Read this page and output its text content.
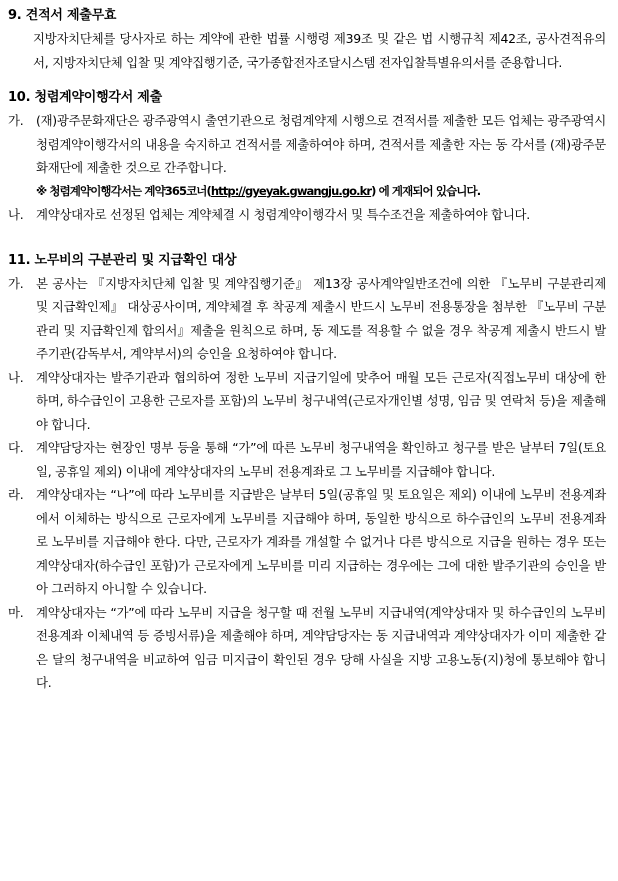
9. 견적서 제출무효

지방자치단체를 당사자로 하는 계약에 관한 법률 시행령 제39조 및 같은 법 시행규칙 제42조, 공사견적유의서, 지방자치단체 입찰 및 계약집행기준, 국가종합전자조달시스템 전자입찰특별유의서를 준용합니다.

10. 청렴계약이행각서 제출
가.	(재)광주문화재단은 광주광역시 출연기관으로 청렴계약제 시행으로 견적서를 제출한 모든 업체는 광주광역시 청렴계약이행각서의 내용을 숙지하고 견적서를 제출하여야 하며, 견적서를 제출한 자는 동 각서를 (재)광주문화재단에 제출한 것으로 간주합니다.

※ 청렴계약이행각서는 계약365코너(http://gyeyak.gwangju.go.kr) 에 게재되어 있습니다.

나.	계약상대자로 선정된 업체는 계약체결 시 청렴계약이행각서 및 특수조건을 제출하여야 합니다.

11. 노무비의 구분관리 및 지급확인 대상
가.	본 공사는 『지방자치단체 입찰 및 계약집행기준』 제13장 공사계약일반조건에 의한 『노무비 구분관리제 및 지급확인제』 대상공사이며, 계약체결 후 착공계 제출시 반드시 노무비 전용통장을 첨부한 『노무비 구분관리 및 지급확인제 합의서』제출을 원칙으로 하며, 동 제도를 적용할 수 없을 경우 착공계 제출시 반드시 발주기관(감독부서, 계약부서)의 승인을 요청하여야 합니다.

나.	계약상대자는 발주기관과 협의하여 정한 노무비 지급기일에 맞추어 매월 모든 근로자(직접노무비 대상에 한하며, 하수급인이 고용한 근로자를 포함)의 노무비 청구내역(근로자개인별 성명, 임금 및 연락처 등)을 제출해야 합니다.

다.	계약담당자는 현장인 명부 등을 통해 “가”에 따른 노무비 청구내역을 확인하고 청구를 받은 날부터 7일(토요일, 공휴일 제외) 이내에 계약상대자의 노무비 전용계좌로 그 노무비를 지급해야 합니다.

라.	계약상대자는 “나”에 따라 노무비를 지급받은 날부터 5일(공휴일 및 토요일은 제외) 이내에 노무비 전용계좌에서 이체하는 방식으로 근로자에게 노무비를 지급해야 하며, 동일한 방식으로 하수급인의 노무비 전용계좌로 노무비를 지급해야 한다. 다만, 근로자가 계좌를 개설할 수 없거나 다른 방식으로 지급을 원하는 경우 또는 계약상대자(하수급인 포함)가 근로자에게 노무비를 미리 지급하는 경우에는 그에 대한 발주기관의 승인을 받아 그러하지 아니할 수 있습니다.

마.	계약상대자는 “가”에 따라 노무비 지급을 청구할 때 전월 노무비 지급내역(계약상대자 및 하수급인의 노무비 전용계좌 이체내역 등 증빙서류)을 제출해야 하며, 계약담당자는 동 지급내역과 계약상대자가 이미 제출한 같은 달의 청구내역을 비교하여 임금 미지급이 확인된 경우 당해 사실을 지방 고용노동(지)청에 통보해야 합니다.
